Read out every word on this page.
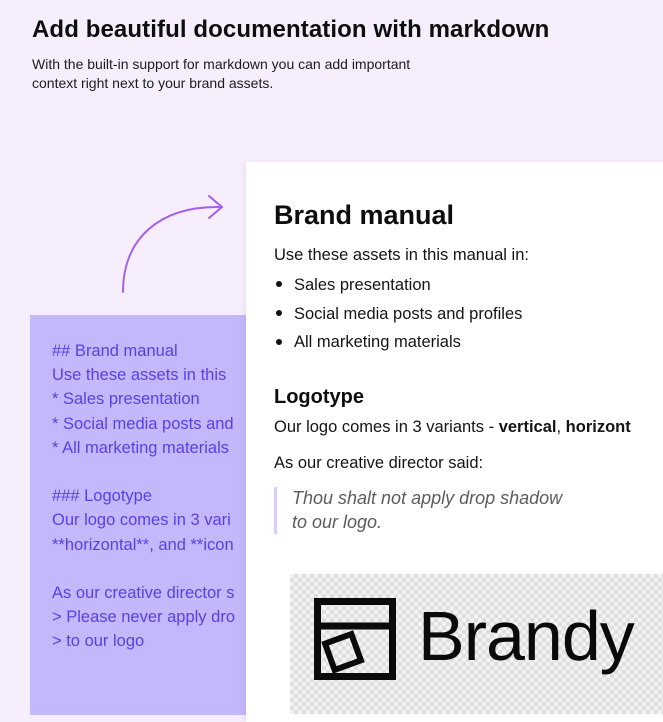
Add beautiful documentation with markdown

With the built-in support for markdown you can add important context right next to your brand assets.

## Brand manual
Use these assets in this
* Sales presentation
* Social media posts and
* All marketing materials

### Logotype
Our logo comes in 3 vari
**horizontal**, and **icon

As our creative director s
> Please never apply dro
> to our logo
Brand manual

Use these assets in this manual in:

Sales presentation
Social media posts and profiles
All marketing materials
Logotype

Our logo comes in 3 variants - vertical, horizont

As our creative director said:

Thou shalt not apply drop shadow
to our logo.

Brandy
